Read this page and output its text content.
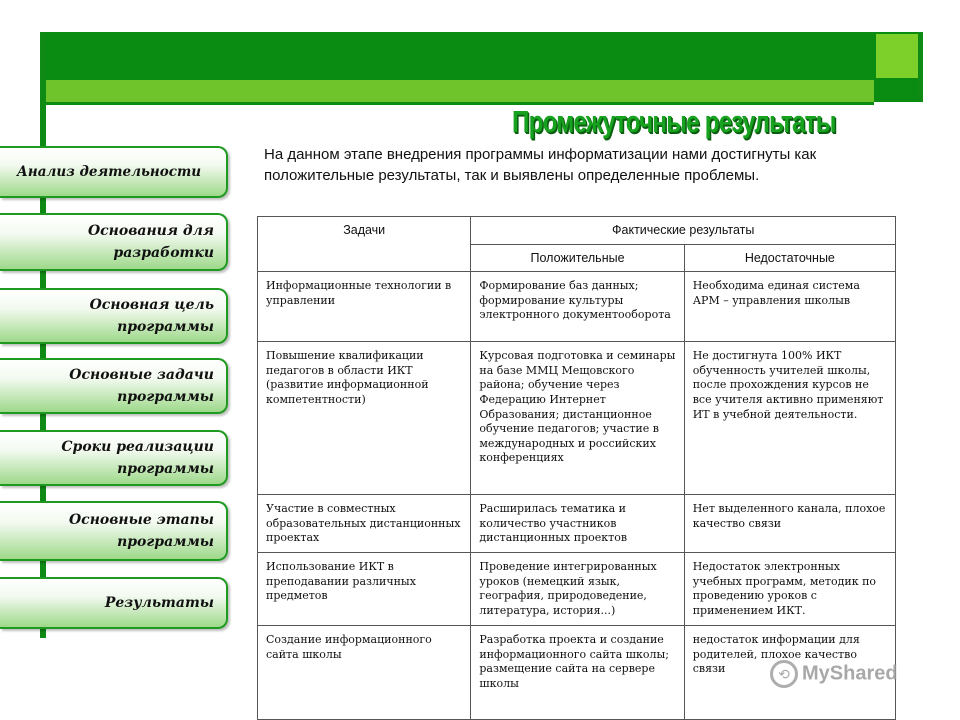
Промежуточные результаты
Анализ деятельности
Основания для
разработки
Основная цель
программы
Основные задачи
программы
Сроки реализации
программы
Основные этапы
программы
Результаты

На данном этапе внедрения программы информатизации нами достигнуты как положительные результаты, так и выявлены определенные проблемы.

Задачи	Фактические результаты	
	Положительные	Недостаточные
Информационные технологии в управлении	Формирование баз данных; формирование культуры электронного документооборота	Необходима единая система АРМ – управления школыв
Повышение квалификации педагогов в области ИКТ (развитие информационной компетентности)	Курсовая подготовка и семинары на базе ММЦ Мещовского района; обучение через Федерацию Интернет Образования; дистанционное обучение педагогов; участие в международных и российских конференциях	Не достигнута 100% ИКТ обученность учителей школы, после прохождения курсов не все учителя активно применяют ИТ в учебной деятельности.
Участие в совместных образовательных дистанционных проектах	Расширилась тематика и количество участников дистанционных проектов	Нет выделенного канала, плохое качество связи
Использование ИКТ в преподавании различных предметов	Проведение интегрированных уроков (немецкий язык, география, природоведение, литература, история...)	Недостаток электронных учебных программ, методик по проведению уроков с применением ИКТ.
Создание информационного сайта школы	Разработка проекта и создание информационного сайта школы; размещение сайта на сервере школы	недостаток информации для родителей, плохое качество связи	⟲ MyShared
